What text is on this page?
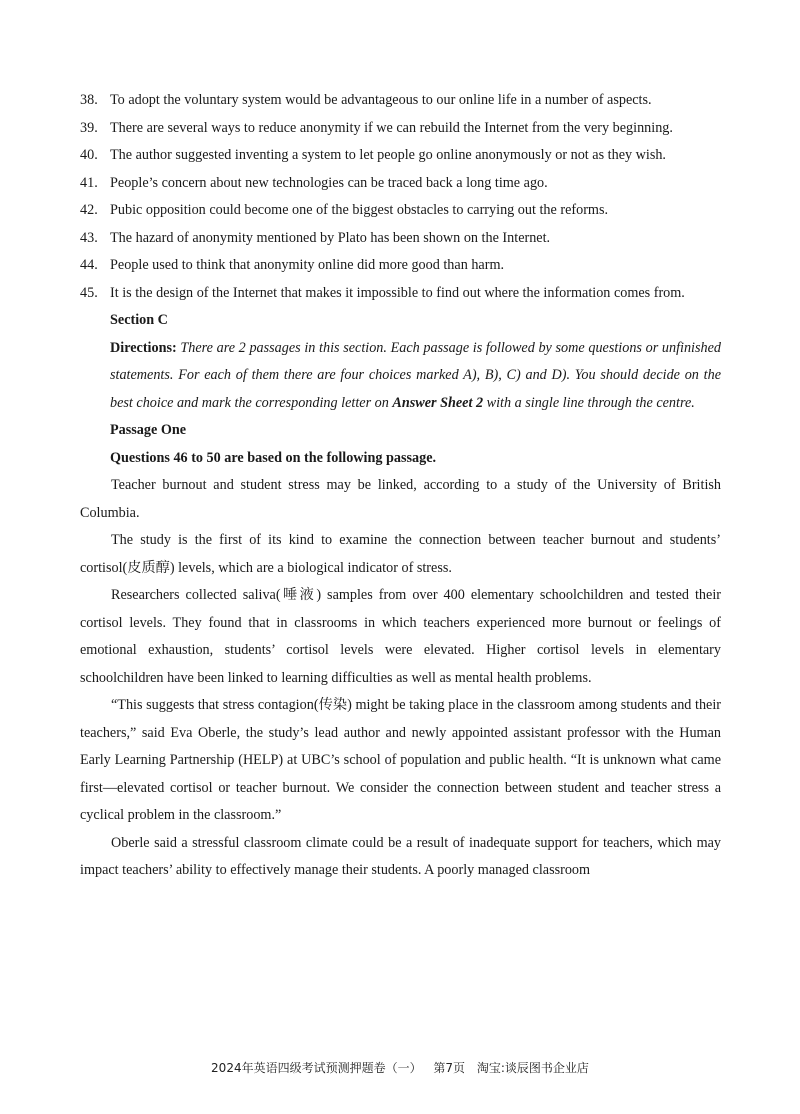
38. To adopt the voluntary system would be advantageous to our online life in a number of aspects.
39. There are several ways to reduce anonymity if we can rebuild the Internet from the very beginning.
40. The author suggested inventing a system to let people go online anonymously or not as they wish.
41. People’s concern about new technologies can be traced back a long time ago.
42. Pubic opposition could become one of the biggest obstacles to carrying out the reforms.
43. The hazard of anonymity mentioned by Plato has been shown on the Internet.
44. People used to think that anonymity online did more good than harm.
45. It is the design of the Internet that makes it impossible to find out where the information comes from.
Section C
Directions: There are 2 passages in this section. Each passage is followed by some questions or unfinished statements. For each of them there are four choices marked A), B), C) and D). You should decide on the best choice and mark the corresponding letter on Answer Sheet 2 with a single line through the centre.
Passage One
Questions 46 to 50 are based on the following passage.
Teacher burnout and student stress may be linked, according to a study of the University of British Columbia.
The study is the first of its kind to examine the connection between teacher burnout and students’ cortisol(皮质醇) levels, which are a biological indicator of stress.
Researchers collected saliva(唾液) samples from over 400 elementary schoolchildren and tested their cortisol levels. They found that in classrooms in which teachers experienced more burnout or feelings of emotional exhaustion, students’ cortisol levels were elevated. Higher cortisol levels in elementary schoolchildren have been linked to learning difficulties as well as mental health problems.
“This suggests that stress contagion(传染) might be taking place in the classroom among students and their teachers,” said Eva Oberle, the study’s lead author and newly appointed assistant professor with the Human Early Learning Partnership (HELP) at UBC’s school of population and public health. “It is unknown what came first—elevated cortisol or teacher burnout. We consider the connection between student and teacher stress a cyclical problem in the classroom.”
Oberle said a stressful classroom climate could be a result of inadequate support for teachers, which may impact teachers’ ability to effectively manage their students. A poorly managed classroom
2024年英语四级考试预测押题卷（一） 第7页 淘宝:谈辰图书企业店
